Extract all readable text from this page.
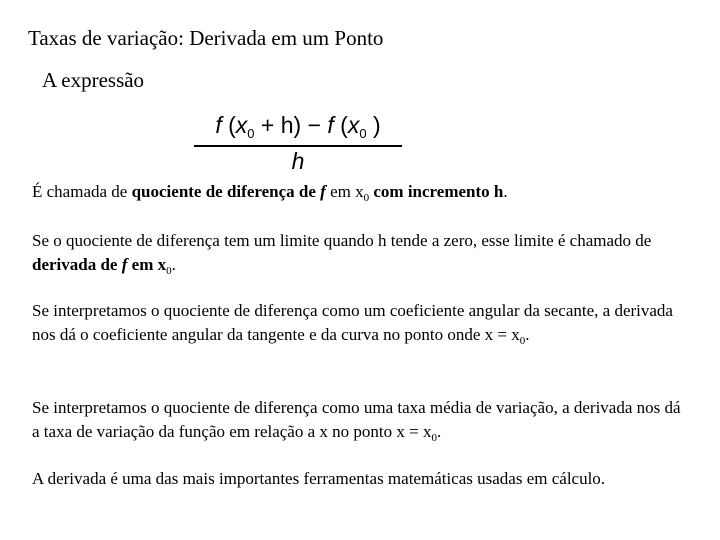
Taxas de variação: Derivada em um Ponto
A expressão
f $(x_0 + h) - f$ ($x_0$ )
h
É chamada de quociente de diferença de f em $x_0$ com incremento h.
Se o quociente de diferença tem um limite quando h tende a zero, esse limite é chamado de derivada de f em $x_0$.
Se interpretamos o quociente de diferença como um coeficiente angular da secante, a derivada nos dá o coeficiente angular da tangente e da curva no ponto onde $x = x_0$.
Se interpretamos o quociente de diferença como uma taxa média de variação, a derivada nos dá a taxa de variação da função em relação a x no ponto $x = x_0$.
A derivada é uma das mais importantes ferramentas matemáticas usadas em cálculo.
